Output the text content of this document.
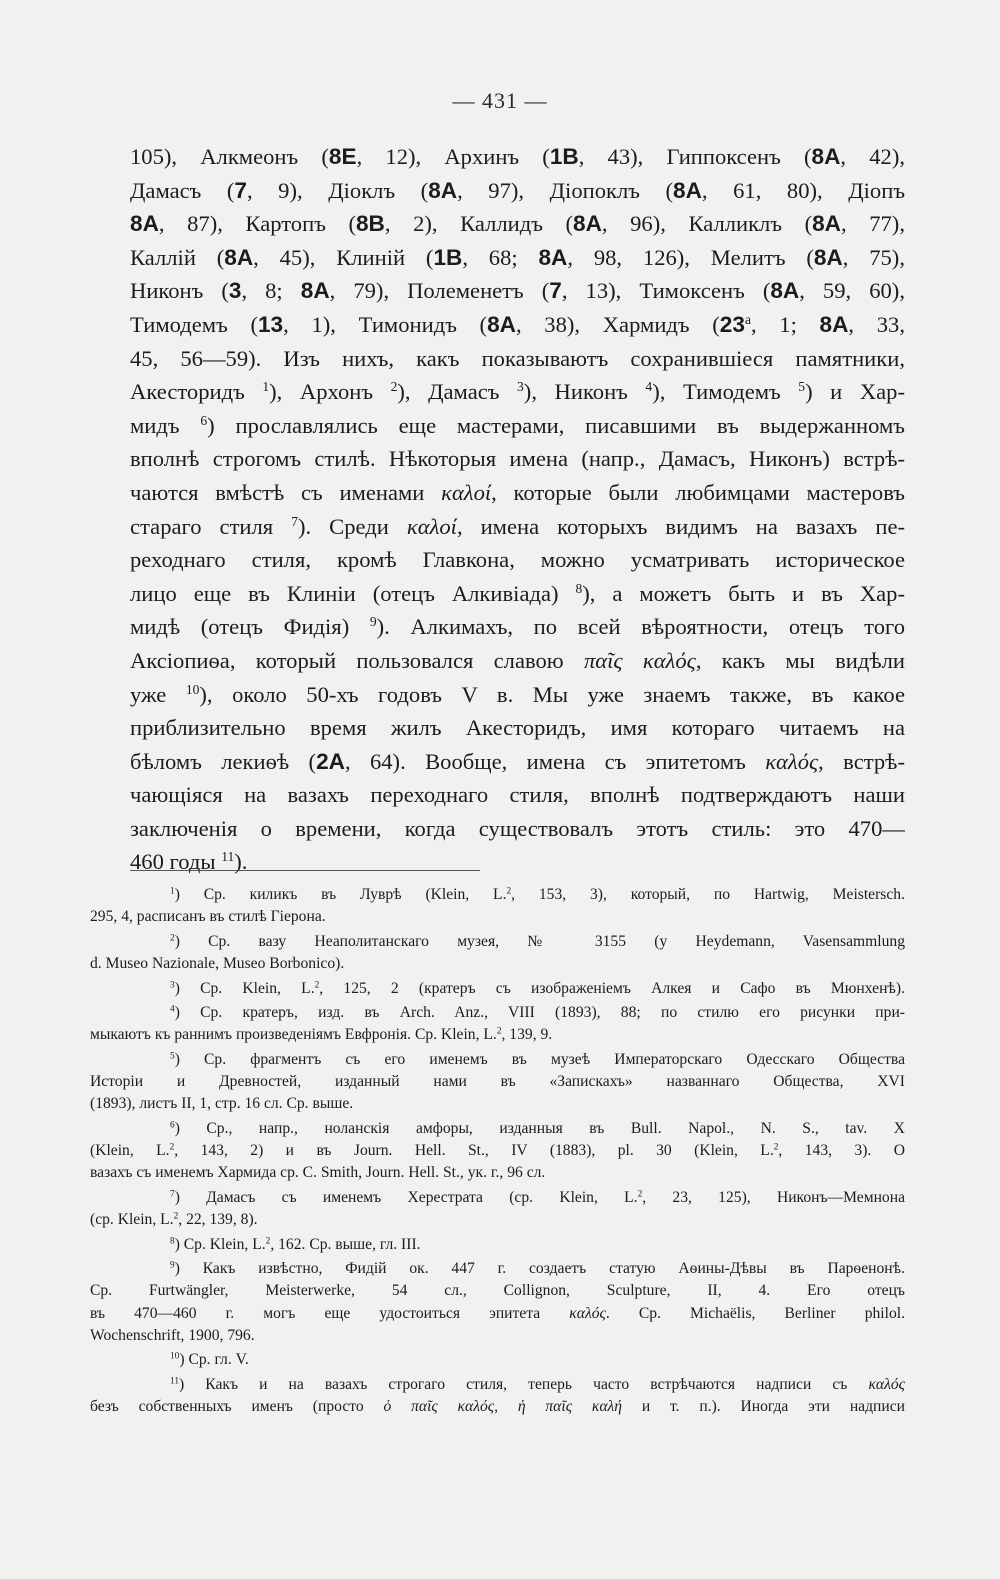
— 431 —
105), Алкмеонъ (8E, 12), Архинъ (1B, 43), Гиппоксенъ (8A, 42),
Дамасъ (7, 9), Діоклъ (8A, 97), Діопоклъ (8A, 61, 80), Діопъ
8A, 87), Картопъ (8B, 2), Каллидъ (8A, 96), Калликлъ (8A, 77),
Каллій (8A, 45), Клиній (1B, 68; 8A, 98, 126), Мелитъ (8A, 75),
Никонъ (3, 8; 8A, 79), Полеменетъ (7, 13), Тимоксенъ (8A, 59, 60),
Тимодемъ (13, 1), Тимонидъ (8A, 38), Хармидъ (23$^a$, 1; 8A, 33,
45, 56—59). Изъ нихъ, какъ показываютъ сохранившіеся памятники,
Акесторидъ $^1$), Архонъ $^2$), Дамасъ $^3$), Никонъ $^4$), Тимодемъ $^5$) и Хар-
мидъ $^6$) прославлялись еще мастерами, писавшими въ выдержанномъ
вполнѣ строгомъ стилѣ. Нѣкоторыя имена (напр., Дамасъ, Никонъ) встрѣ-
чаются вмѣстѣ съ именами καλοί, которые были любимцами мастеровъ
стараго стиля $^7$). Среди καλοί, имена которыхъ видимъ на вазахъ пе-
реходнаго стиля, кромѣ Главкона, можно усматривать историческое
лицо еще въ Клиніи (отецъ Алкивіада) $^8$), а можетъ быть и въ Хар-
мидѣ (отецъ Фидія) $^9$). Алкимахъ, по всей вѣроятности, отецъ того
Аксіопиѳа, который пользовался славою παῖς καλός, какъ мы видѣли
уже $^{10}$), около 50-хъ годовъ V в. Мы уже знаемъ также, въ какое
приблизительно время жилъ Акесторидъ, имя котораго читаемъ на
бѣломъ лекиѳѣ (2A, 64). Вообще, имена съ эпитетомъ καλός, встрѣ-
чающіяся на вазахъ переходнаго стиля, вполнѣ подтверждаютъ наши
заключенія о времени, когда существовалъ этотъ стиль: это 470—
460 годы $^{11}$).
$^1$) Ср. киликъ въ Луврѣ (Klein, L.$^2$, 153, 3), который, по Hartwig, Meistersch.
295, 4, расписанъ въ стилѣ Гіерона.
$^2$) Ср. вазу Неаполитанскаго музея, № 3155 (у Heydemann, Vasensammlung
d. Museo Nazionale, Museo Borbonico).
$^3$) Ср. Klein, L.$^2$, 125, 2 (кратеръ съ изображеніемъ Алкея и Сафо въ Мюнхенѣ).
$^4$) Ср. кратеръ, изд. въ Arch. Anz., VIII (1893), 88; по стилю его рисунки при-
мыкаютъ къ раннимъ произведеніямъ Евфронія. Ср. Klein, L.$^2$, 139, 9.
$^5$) Ср. фрагментъ съ его именемъ въ музеѣ Императорскаго Одесскаго Общества
Исторіи и Древностей, изданный нами въ «Запискахъ» названнаго Общества, XVI
(1893), листъ II, 1, стр. 16 сл. Ср. выше.
$^6$) Ср., напр., ноланскія амфоры, изданныя въ Bull. Napol., N. S., tav. X
(Klein, L.$^2$, 143, 2) и въ Journ. Hell. St., IV (1883), pl. 30 (Klein, L.$^2$, 143, 3). О
вазахъ съ именемъ Хармида ср. C. Smith, Journ. Hell. St., ук. г., 96 сл.
$^7$) Дамасъ съ именемъ Херестрата (ср. Klein, L.$^2$, 23, 125), Никонъ—Мемнона
(ср. Klein, L.$^2$, 22, 139, 8).
$^8$) Ср. Klein, L.$^2$, 162. Ср. выше, гл. III.
$^9$) Какъ извѣстно, Фидій ок. 447 г. создаетъ статую Аѳины-Дѣвы въ Парѳенонѣ.
Ср. Furtwängler, Meisterwerke, 54 сл., Collignon, Sculpture, II, 4. Его отецъ
въ 470—460 г. могъ еще удостоиться эпитета καλός. Ср. Michaëlis, Berliner philol.
Wochenschrift, 1900, 796.
$^{10}$) Ср. гл. V.
$^{11}$) Какъ и на вазахъ строгаго стиля, теперь часто встрѣчаются надписи съ καλός
безъ собственныхъ именъ (просто ὁ παῖς καλός, ἡ παῖς καλή и т. п.). Иногда эти надписи
